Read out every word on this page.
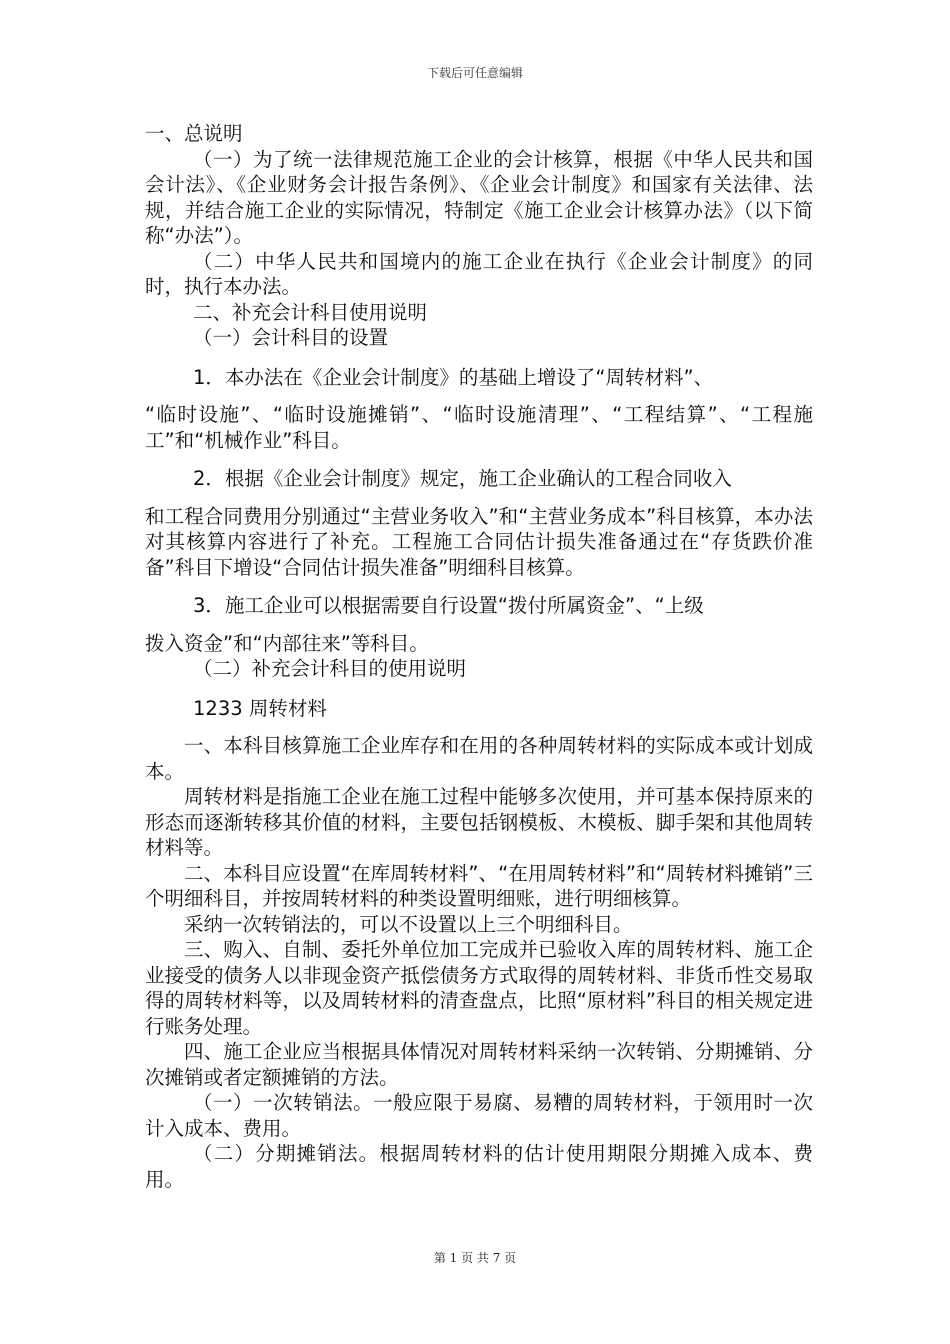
下载后可任意编辑

一、总说明

（一）为了统一法律规范施工企业的会计核算，根据《中华人民共和国会计法》、《企业财务会计报告条例》、《企业会计制度》和国家有关法律、法规，并结合施工企业的实际情况，特制定《施工企业会计核算办法》（以下简称“办法”）。

（二）中华人民共和国境内的施工企业在执行《企业会计制度》的同时，执行本办法。

二、补充会计科目使用说明

（一）会计科目的设置

1．本办法在《企业会计制度》的基础上增设了“周转材料”、

“临时设施”、“临时设施摊销”、“临时设施清理”、“工程结算”、“工程施工”和“机械作业”科目。

2．根据《企业会计制度》规定，施工企业确认的工程合同收入

和工程合同费用分别通过“主营业务收入”和“主营业务成本”科目核算，本办法对其核算内容进行了补充。工程施工合同估计损失准备通过在“存货跌价准备”科目下增设“合同估计损失准备”明细科目核算。

3．施工企业可以根据需要自行设置“拨付所属资金”、“上级

拨入资金”和“内部往来”等科目。

（二）补充会计科目的使用说明

1233 周转材料

一、本科目核算施工企业库存和在用的各种周转材料的实际成本或计划成本。

周转材料是指施工企业在施工过程中能够多次使用，并可基本保持原来的形态而逐渐转移其价值的材料，主要包括钢模板、木模板、脚手架和其他周转材料等。

二、本科目应设置“在库周转材料”、“在用周转材料”和“周转材料摊销”三个明细科目，并按周转材料的种类设置明细账，进行明细核算。

采纳一次转销法的，可以不设置以上三个明细科目。

三、购入、自制、委托外单位加工完成并已验收入库的周转材料、施工企业接受的债务人以非现金资产抵偿债务方式取得的周转材料、非货币性交易取得的周转材料等，以及周转材料的清查盘点，比照“原材料”科目的相关规定进行账务处理。

四、施工企业应当根据具体情况对周转材料采纳一次转销、分期摊销、分次摊销或者定额摊销的方法。

（一）一次转销法。一般应限于易腐、易糟的周转材料，于领用时一次计入成本、费用。

（二）分期摊销法。根据周转材料的估计使用期限分期摊入成本、费用。

第 1 页 共 7 页
